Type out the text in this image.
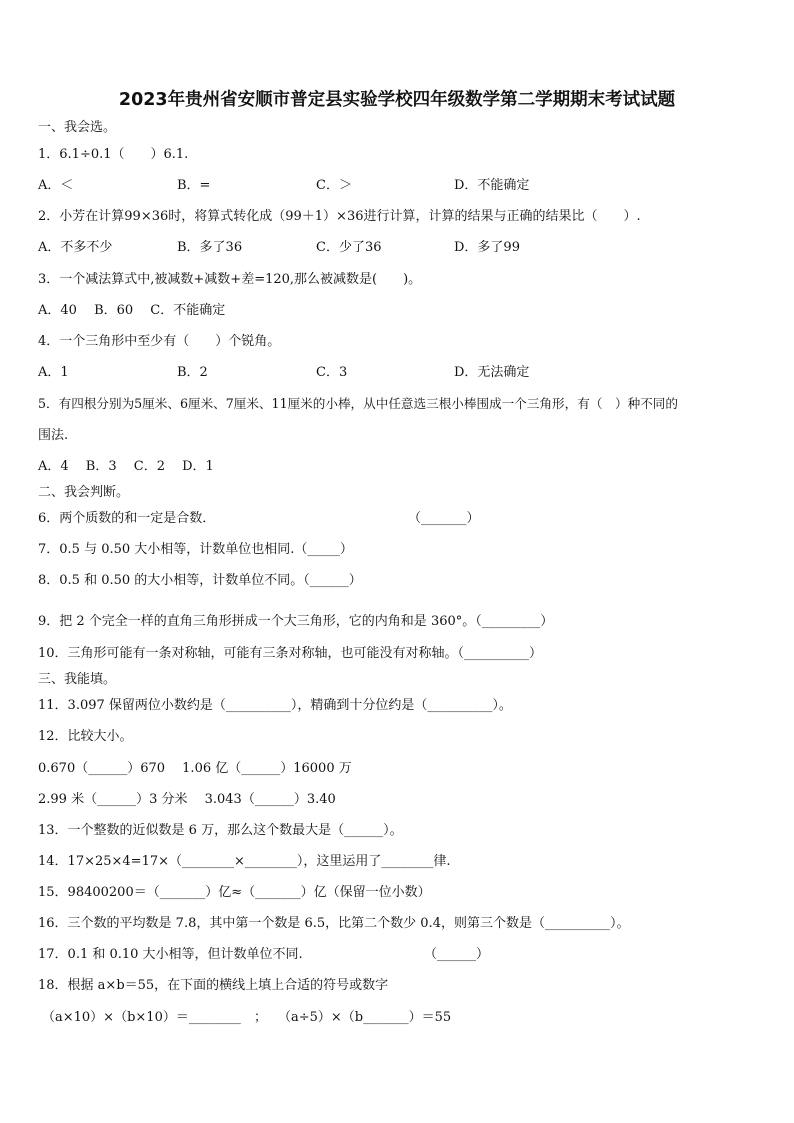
2023年贵州省安顺市普定县实验学校四年级数学第二学期期末考试试题
一、我会选。
1．6.1÷0.1（　　）6.1.
A．＜	B．=	C．＞	D．不能确定
2．小芳在计算99×36时，将算式转化成（99＋1）×36进行计算，计算的结果与正确的结果比（　　）.
A．不多不少	B．多了36	C．少了36	D．多了99
3．一个减法算式中,被减数+减数+差=120,那么被减数是(　　)。
A．40　 B．60　 C．不能确定
4．一个三角形中至少有（　　）个锐角。
A．1	B．2	C．3	D．无法确定
5．有四根分别为5厘米、6厘米、7厘米、11厘米的小棒，从中任意选三根小棒围成一个三角形，有（　）种不同的
围法.
A．4　 B．3　 C．2　 D．1
二、我会判断。
6．两个质数的和一定是合数．	（_______）
7．0.5 与 0.50 大小相等，计数单位也相同.（_____）
8．0.5 和 0.50 的大小相等，计数单位不同。（______）
9．把 2 个完全一样的直角三角形拼成一个大三角形，它的内角和是 360°。（_________）
10．三角形可能有一条对称轴，可能有三条对称轴，也可能没有对称轴。（__________）
三、我能填。
11．3.097 保留两位小数约是（__________），精确到十分位约是（__________）。
12．比较大小。
0.670（______）670　 1.06 亿（______）16000 万
2.99 米（______）3 分米　 3.043（______）3.40
13．一个整数的近似数是 6 万，那么这个数最大是（______）。
14．17×25×4=17×（________×________），这里运用了________律.
15．98400200＝（_______）亿≈（_______）亿（保留一位小数）
16．三个数的平均数是 7.8，其中第一个数是 6.5，比第二个数少 0.4，则第三个数是（__________）。
17．0.1 和 0.10 大小相等，但计数单位不同.	（______）
18．根据 a×b＝55，在下面的横线上填上合适的符号或数字
（a×10）×（b×10）＝________ ； （a÷5）×（b_______）＝55
